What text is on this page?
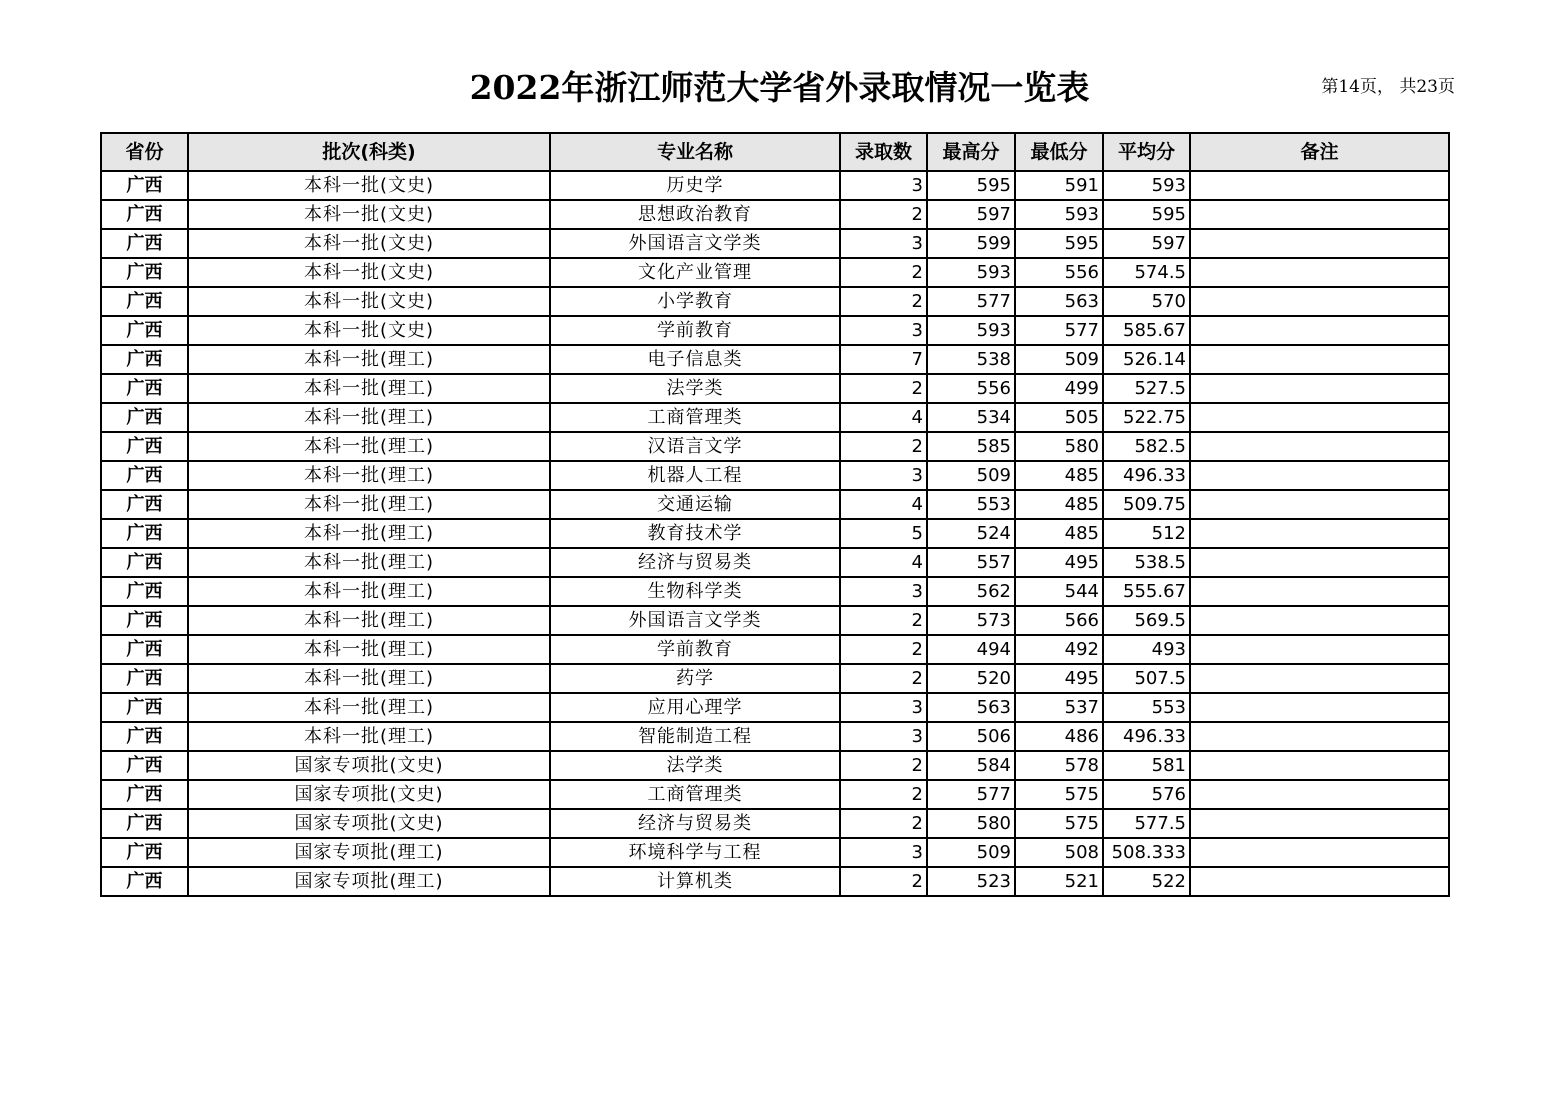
2022年浙江师范大学省外录取情况一览表	第14页， 共23页
省份	批次(科类)	专业名称	录取数	最高分	最低分	平均分	备注
广西	本科一批(文史)	历史学	3	595	591	593	
广西	本科一批(文史)	思想政治教育	2	597	593	595	
广西	本科一批(文史)	外国语言文学类	3	599	595	597	
广西	本科一批(文史)	文化产业管理	2	593	556	574.5	
广西	本科一批(文史)	小学教育	2	577	563	570	
广西	本科一批(文史)	学前教育	3	593	577	585.67	
广西	本科一批(理工)	电子信息类	7	538	509	526.14	
广西	本科一批(理工)	法学类	2	556	499	527.5	
广西	本科一批(理工)	工商管理类	4	534	505	522.75	
广西	本科一批(理工)	汉语言文学	2	585	580	582.5	
广西	本科一批(理工)	机器人工程	3	509	485	496.33	
广西	本科一批(理工)	交通运输	4	553	485	509.75	
广西	本科一批(理工)	教育技术学	5	524	485	512	
广西	本科一批(理工)	经济与贸易类	4	557	495	538.5	
广西	本科一批(理工)	生物科学类	3	562	544	555.67	
广西	本科一批(理工)	外国语言文学类	2	573	566	569.5	
广西	本科一批(理工)	学前教育	2	494	492	493	
广西	本科一批(理工)	药学	2	520	495	507.5	
广西	本科一批(理工)	应用心理学	3	563	537	553	
广西	本科一批(理工)	智能制造工程	3	506	486	496.33	
广西	国家专项批(文史)	法学类	2	584	578	581	
广西	国家专项批(文史)	工商管理类	2	577	575	576	
广西	国家专项批(文史)	经济与贸易类	2	580	575	577.5	
广西	国家专项批(理工)	环境科学与工程	3	509	508	508.333	
广西	国家专项批(理工)	计算机类	2	523	521	522	
